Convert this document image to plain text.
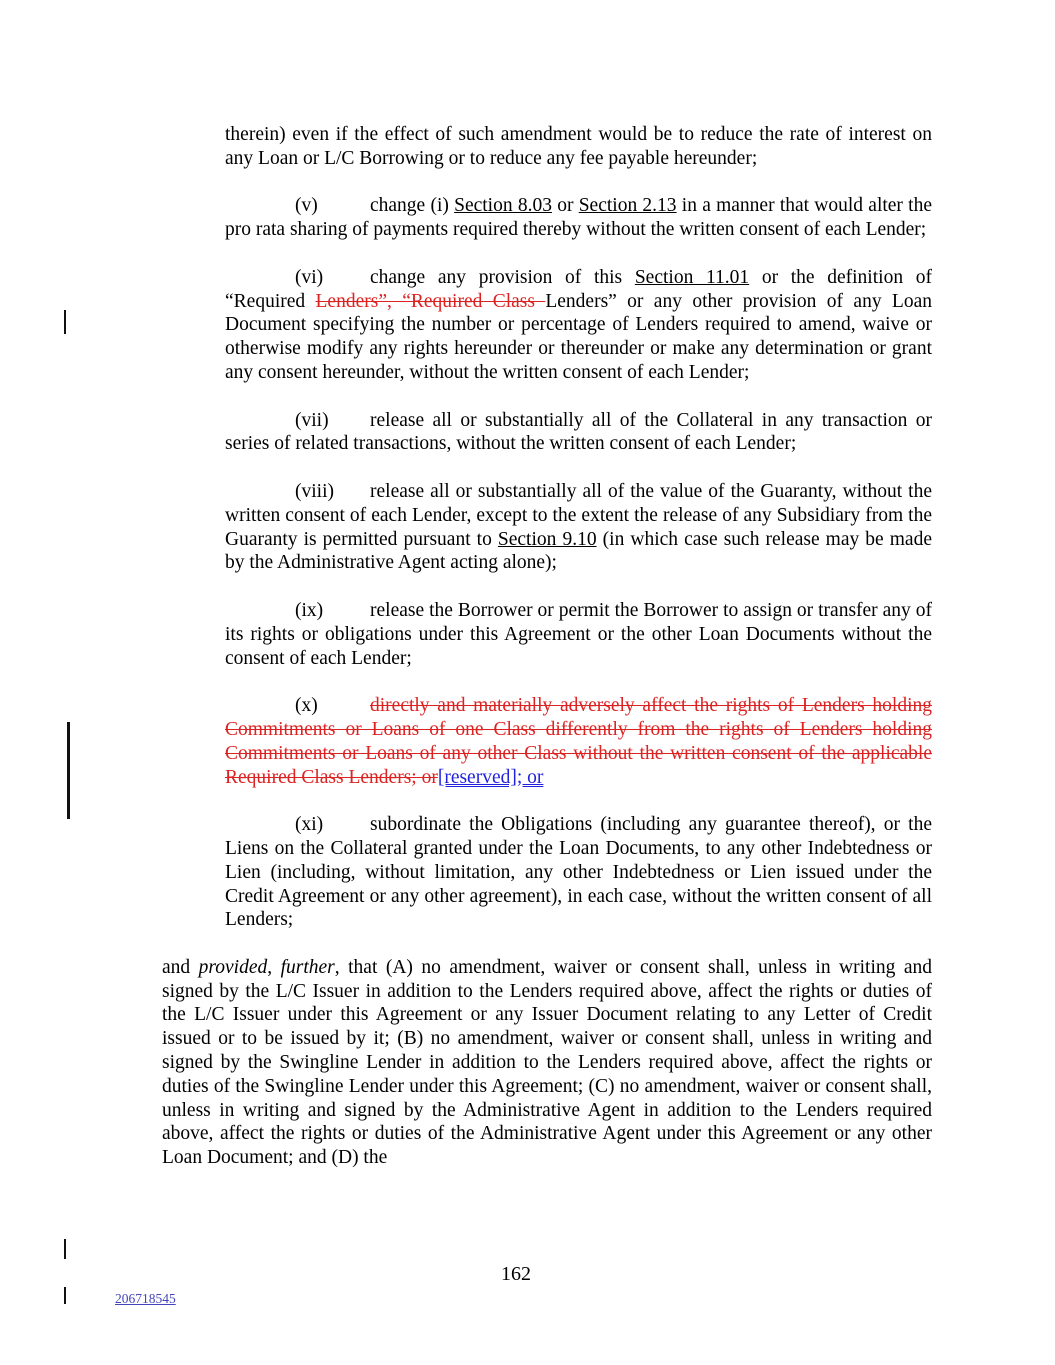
therein) even if the effect of such amendment would be to reduce the rate of interest on any Loan or L/C Borrowing or to reduce any fee payable hereunder;

(v)	change (i) Section 8.03 or Section 2.13 in a manner that would alter the pro rata sharing of payments required thereby without the written consent of each Lender;

(vi) change any provision of this Section 11.01 or the definition of “Required Lenders”, “Required Class Lenders” or any other provision of any Loan Document specifying the number or percentage of Lenders required to amend, waive or otherwise modify any rights hereunder or thereunder or make any determination or grant any consent hereunder, without the written consent of each Lender;

(vii) release all or substantially all of the Collateral in any transaction or series of related transactions, without the written consent of each Lender;

(viii) release all or substantially all of the value of the Guaranty, without the written consent of each Lender, except to the extent the release of any Subsidiary from the Guaranty is permitted pursuant to Section 9.10 (in which case such release may be made by the Administrative Agent acting alone);

(ix) release the Borrower or permit the Borrower to assign or transfer any of its rights or obligations under this Agreement or the other Loan Documents without the consent of each Lender;

(x)	directly and materially adversely affect the rights of Lenders holding Commitments or Loans of one Class differently from the rights of Lenders holding Commitments or Loans of any other Class without the written consent of the applicable Required Class Lenders; or[reserved]; or

(xi) subordinate the Obligations (including any guarantee thereof), or the Liens on the Collateral granted under the Loan Documents, to any other Indebtedness or Lien (including, without limitation, any other Indebtedness or Lien issued under the Credit Agreement or any other agreement), in each case, without the written consent of all Lenders;

and provided, further, that (A) no amendment, waiver or consent shall, unless in writing and signed by the L/C Issuer in addition to the Lenders required above, affect the rights or duties of the L/C Issuer under this Agreement or any Issuer Document relating to any Letter of Credit issued or to be issued by it; (B) no amendment, waiver or consent shall, unless in writing and signed by the Swingline Lender in addition to the Lenders required above, affect the rights or duties of the Swingline Lender under this Agreement; (C) no amendment, waiver or consent shall, unless in writing and signed by the Administrative Agent in addition to the Lenders required above, affect the rights or duties of the Administrative Agent under this Agreement or any other Loan Document; and (D) the

162
206718545
